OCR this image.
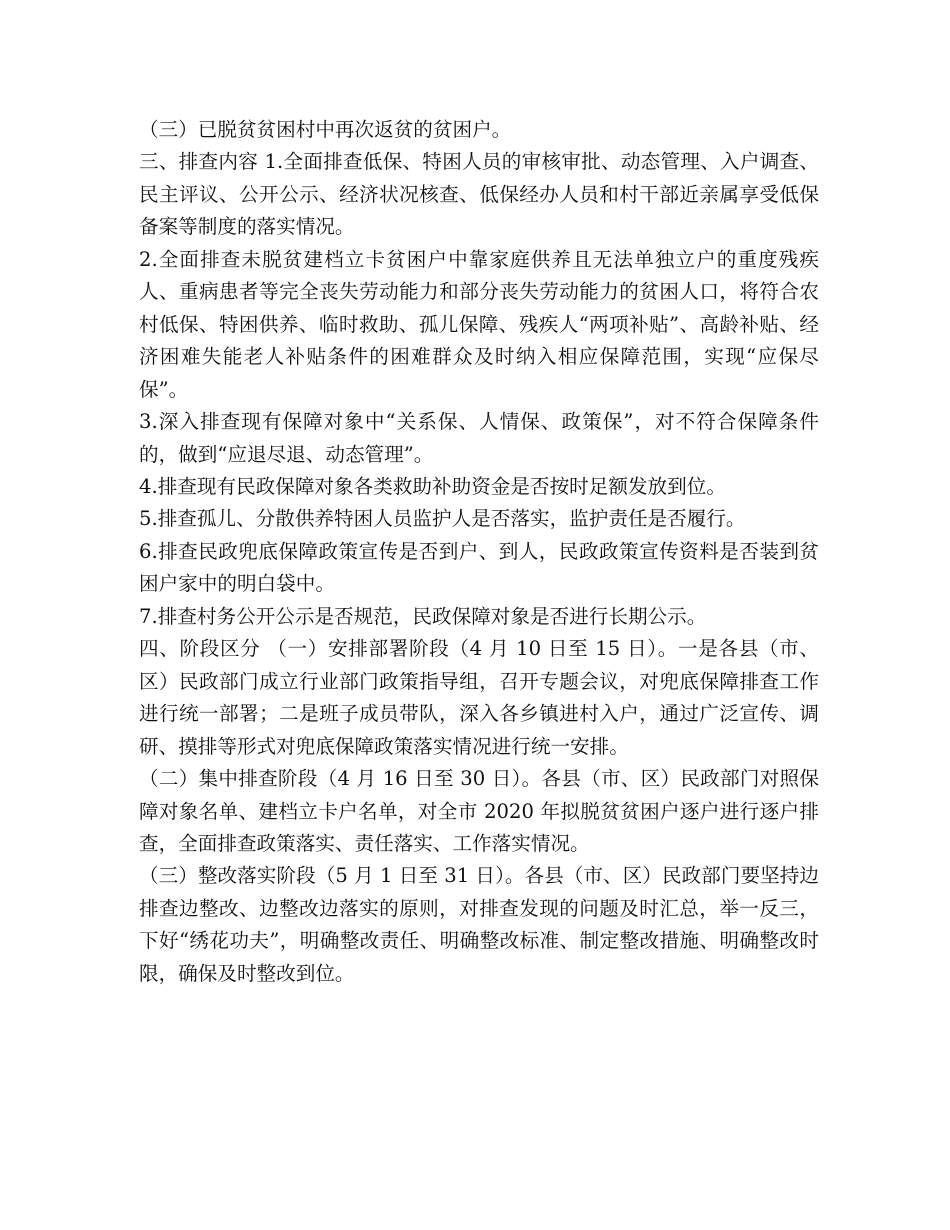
（三）已脱贫贫困村中再次返贫的贫困户。

三、排查内容 1.全面排查低保、特困人员的审核审批、动态管理、入户调查、民主评议、公开公示、经济状况核查、低保经办人员和村干部近亲属享受低保备案等制度的落实情况。

2.全面排查未脱贫建档立卡贫困户中靠家庭供养且无法单独立户的重度残疾人、重病患者等完全丧失劳动能力和部分丧失劳动能力的贫困人口，将符合农村低保、特困供养、临时救助、孤儿保障、残疾人“两项补贴”、高龄补贴、经济困难失能老人补贴条件的困难群众及时纳入相应保障范围，实现“应保尽保”。

3.深入排查现有保障对象中“关系保、人情保、政策保”，对不符合保障条件的，做到“应退尽退、动态管理”。

4.排查现有民政保障对象各类救助补助资金是否按时足额发放到位。

5.排查孤儿、分散供养特困人员监护人是否落实，监护责任是否履行。

6.排查民政兜底保障政策宣传是否到户、到人，民政政策宣传资料是否装到贫困户家中的明白袋中。

7.排查村务公开公示是否规范，民政保障对象是否进行长期公示。

四、阶段区分 （一）安排部署阶段（4 月 10 日至 15 日）。一是各县（市、区）民政部门成立行业部门政策指导组，召开专题会议，对兜底保障排查工作进行统一部署；二是班子成员带队，深入各乡镇进村入户，通过广泛宣传、调研、摸排等形式对兜底保障政策落实情况进行统一安排。

（二）集中排查阶段（4 月 16 日至 30 日）。各县（市、区）民政部门对照保障对象名单、建档立卡户名单，对全市 2020 年拟脱贫贫困户逐户进行逐户排查，全面排查政策落实、责任落实、工作落实情况。

（三）整改落实阶段（5 月 1 日至 31 日）。各县（市、区）民政部门要坚持边排查边整改、边整改边落实的原则，对排查发现的问题及时汇总，举一反三，下好“绣花功夫”，明确整改责任、明确整改标准、制定整改措施、明确整改时限，确保及时整改到位。
